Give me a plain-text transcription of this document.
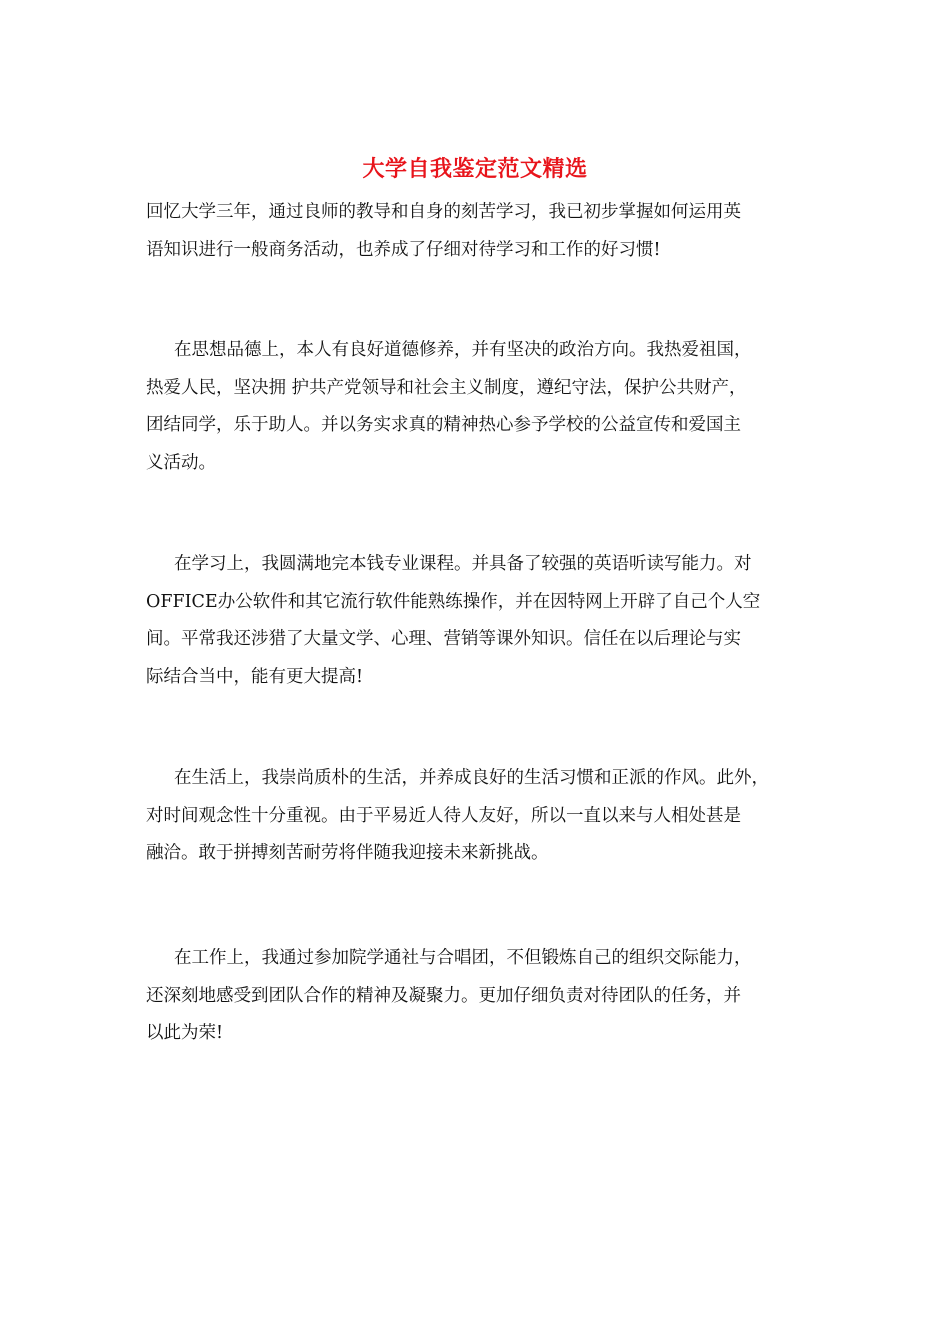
大学自我鉴定范文精选
回忆大学三年，通过良师的教导和自身的刻苦学习，我已初步掌握如何运用英
语知识进行一般商务活动，也养成了仔细对待学习和工作的好习惯!
在思想品德上，本人有良好道德修养，并有坚决的政治方向。我热爱祖国，
热爱人民，坚决拥 护共产党领导和社会主义制度，遵纪守法，保护公共财产，
团结同学，乐于助人。并以务实求真的精神热心参予学校的公益宣传和爱国主
义活动。
在学习上，我圆满地完本钱专业课程。并具备了较强的英语听读写能力。对
OFFICE办公软件和其它流行软件能熟练操作，并在因特网上开辟了自己个人空
间。平常我还涉猎了大量文学、心理、营销等课外知识。信任在以后理论与实
际结合当中，能有更大提高!
在生活上，我崇尚质朴的生活，并养成良好的生活习惯和正派的作风。此外，
对时间观念性十分重视。由于平易近人待人友好，所以一直以来与人相处甚是
融洽。敢于拼搏刻苦耐劳将伴随我迎接未来新挑战。
在工作上，我通过参加院学通社与合唱团，不但锻炼自己的组织交际能力，
还深刻地感受到团队合作的精神及凝聚力。更加仔细负责对待团队的任务，并
以此为荣!
